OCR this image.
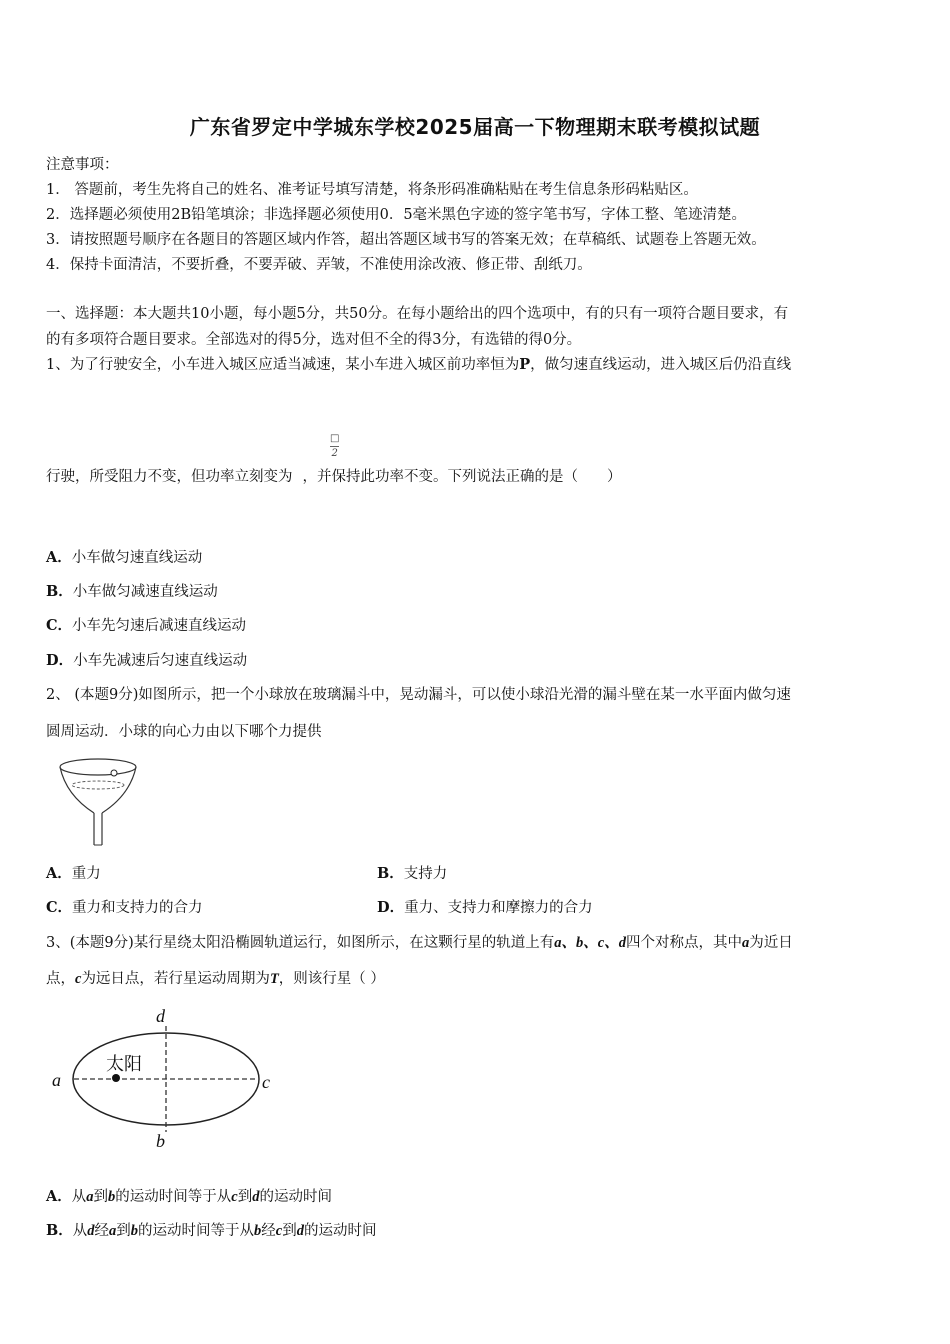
广东省罗定中学城东学校2025届高一下物理期末联考模拟试题
注意事项：
1． 答题前，考生先将自己的姓名、准考证号填写清楚，将条形码准确粘贴在考生信息条形码粘贴区。
2．选择题必须使用2B铅笔填涂；非选择题必须使用0．5毫米黑色字迹的签字笔书写，字体工整、笔迹清楚。
3．请按照题号顺序在各题目的答题区域内作答，超出答题区域书写的答案无效；在草稿纸、试题卷上答题无效。
4．保持卡面清洁，不要折叠，不要弄破、弄皱，不准使用涂改液、修正带、刮纸刀。
一、选择题：本大题共10小题，每小题5分，共50分。在每小题给出的四个选项中，有的只有一项符合题目要求，有
的有多项符合题目要求。全部选对的得5分，选对但不全的得3分，有选错的得0分。
1、为了行驶安全，小车进入城区应适当减速，某小车进入城区前功率恒为P，做匀速直线运动，进入城区后仍沿直线
□
2
行驶，所受阻力不变，但功率立刻变为 ，并保持此功率不变。下列说法正确的是（　　）
A．小车做匀速直线运动
B．小车做匀减速直线运动
C．小车先匀速后减速直线运动
D．小车先减速后匀速直线运动
2、 (本题9分)如图所示，把一个小球放在玻璃漏斗中，晃动漏斗，可以使小球沿光滑的漏斗壁在某一水平面内做匀速
圆周运动．小球的向心力由以下哪个力提供
A．重力	B．支持力
C．重力和支持力的合力	D．重力、支持力和摩擦力的合力
3、(本题9分)某行星绕太阳沿椭圆轨道运行，如图所示，在这颗行星的轨道上有a、b、c、d四个对称点，其中a为近日
点，c为远日点，若行星运动周期为T，则该行星（ ）
太阳
a	c
d
b
A．从a到b的运动时间等于从c到d的运动时间
B．从d经a到b的运动时间等于从b经c到d的运动时间
